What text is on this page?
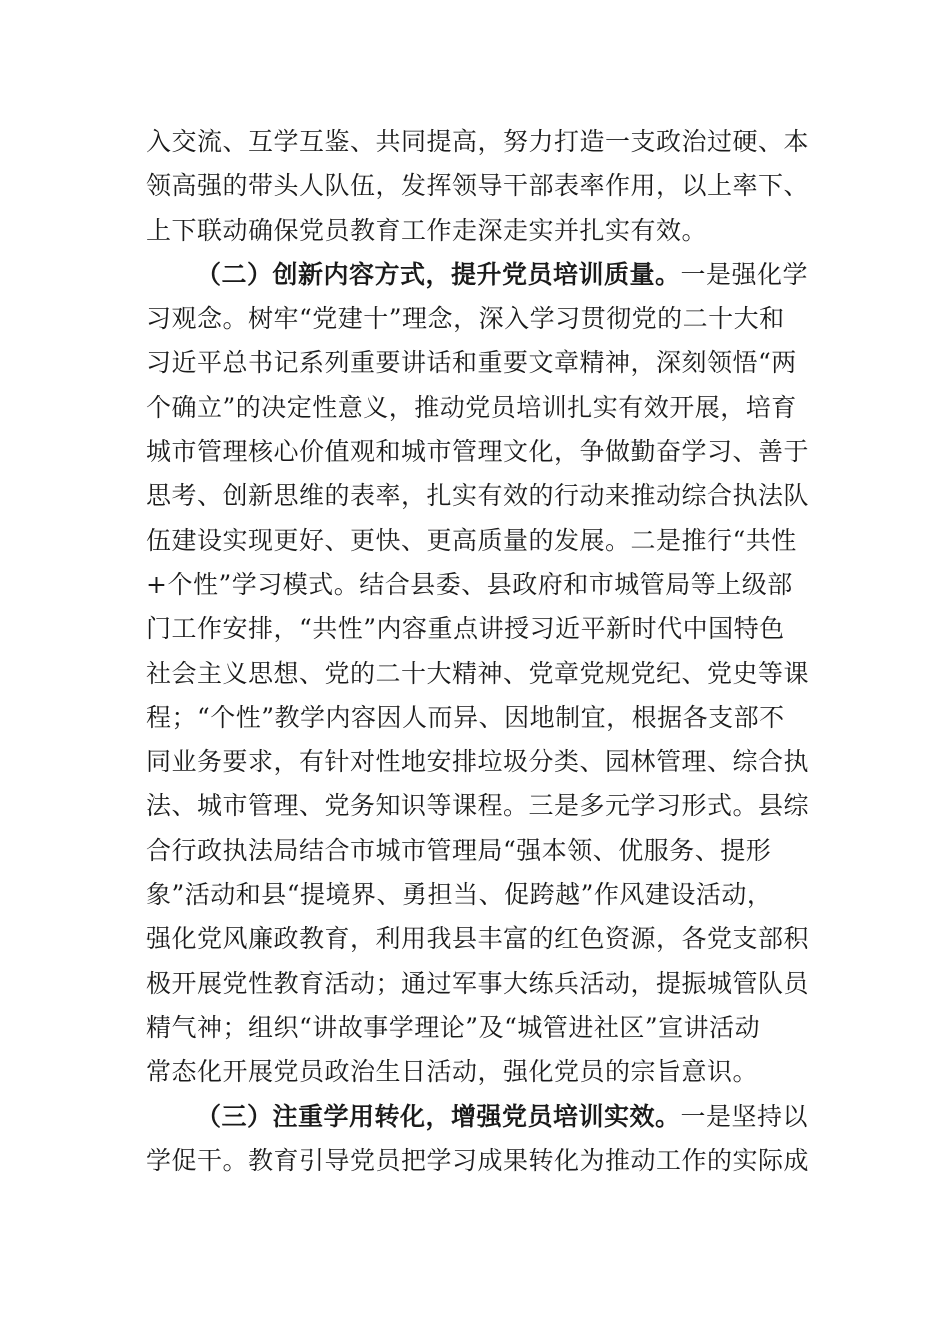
入交流、互学互鉴、共同提高，努力打造一支政治过硬、本
领高强的带头人队伍，发挥领导干部表率作用，以上率下、
上下联动确保党员教育工作走深走实并扎实有效。
（二）创新内容方式，提升党员培训质量。一是强化学
习观念。树牢“党建十”理念，深入学习贯彻党的二十大和
习近平总书记系列重要讲话和重要文章精神，深刻领悟“两
个确立”的决定性意义，推动党员培训扎实有效开展，培育
城市管理核心价值观和城市管理文化，争做勤奋学习、善于
思考、创新思维的表率，扎实有效的行动来推动综合执法队
伍建设实现更好、更快、更高质量的发展。二是推行“共性
+个性”学习模式。结合县委、县政府和市城管局等上级部
门工作安排，“共性”内容重点讲授习近平新时代中国特色
社会主义思想、党的二十大精神、党章党规党纪、党史等课
程；“个性”教学内容因人而异、因地制宜，根据各支部不
同业务要求，有针对性地安排垃圾分类、园林管理、综合执
法、城市管理、党务知识等课程。三是多元学习形式。县综
合行政执法局结合市城市管理局“强本领、优服务、提形
象”活动和县“提境界、勇担当、促跨越”作风建设活动，
强化党风廉政教育，利用我县丰富的红色资源，各党支部积
极开展党性教育活动；通过军事大练兵活动，提振城管队员
精气神；组织“讲故事学理论”及“城管进社区”宣讲活动
常态化开展党员政治生日活动，强化党员的宗旨意识。
（三）注重学用转化，增强党员培训实效。一是坚持以
学促干。教育引导党员把学习成果转化为推动工作的实际成
